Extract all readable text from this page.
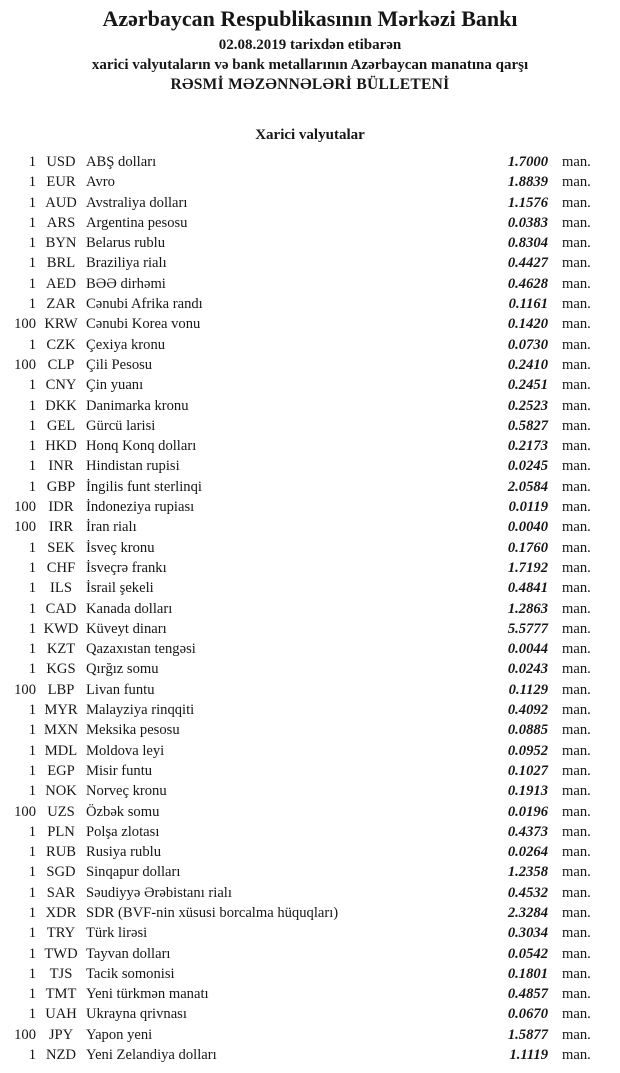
Azərbaycan Respublikasının Mərkəzi Bankı
02.08.2019 tarixdən etibarən
xarici valyutaların və bank metallarının Azərbaycan manatına qarşı
RƏSMİ MƏZƏNNƏLƏRİ BÜLLETENİ
Xarici valyutalar
1 USD ABŞ dolları	1.7000 man.
1 EUR Avro	1.8839 man.
1 AUD Avstraliya dolları	1.1576 man.
1 ARS Argentina pesosu	0.0383 man.
1 BYN Belarus rublu	0.8304 man.
1 BRL Braziliya rialı	0.4427 man.
1 AED BƏƏ dirhəmi	0.4628 man.
1 ZAR Cənubi Afrika randı	0.1161 man.
100 KRW Cənubi Korea vonu	0.1420 man.
1 CZK Çexiya kronu	0.0730 man.
100 CLP Çili Pesosu	0.2410 man.
1 CNY Çin yuanı	0.2451 man.
1 DKK Danimarka kronu	0.2523 man.
1 GEL Gürcü larisi	0.5827 man.
1 HKD Honq Konq dolları	0.2173 man.
1 INR Hindistan rupisi	0.0245 man.
1 GBP İngilis funt sterlinqi	2.0584 man.
100 IDR İndoneziya rupiası	0.0119 man.
100 IRR İran rialı	0.0040 man.
1 SEK İsveç kronu	0.1760 man.
1 CHF İsveçrə frankı	1.7192 man.
1 ILS İsrail şekeli	0.4841 man.
1 CAD Kanada dolları	1.2863 man.
1 KWD Küveyt dinarı	5.5777 man.
1 KZT Qazaxıstan tengəsi	0.0044 man.
1 KGS Qırğız somu	0.0243 man.
100 LBP Livan funtu	0.1129 man.
1 MYR Malayziya rinqqiti	0.4092 man.
1 MXN Meksika pesosu	0.0885 man.
1 MDL Moldova leyi	0.0952 man.
1 EGP Misir funtu	0.1027 man.
1 NOK Norveç kronu	0.1913 man.
100 UZS Özbək somu	0.0196 man.
1 PLN Polşa zlotası	0.4373 man.
1 RUB Rusiya rublu	0.0264 man.
1 SGD Sinqapur dolları	1.2358 man.
1 SAR Səudiyyə Ərəbistanı rialı	0.4532 man.
1 XDR SDR (BVF-nin xüsusi borcalma hüquqları)	2.3284 man.
1 TRY Türk lirəsi	0.3034 man.
1 TWD Tayvan dolları	0.0542 man.
1 TJS Tacik somonisi	0.1801 man.
1 TMT Yeni türkmən manatı	0.4857 man.
1 UAH Ukrayna qrivnası	0.0670 man.
100 JPY Yapon yeni	1.5877 man.
1 NZD Yeni Zelandiya dolları	1.1119 man.
